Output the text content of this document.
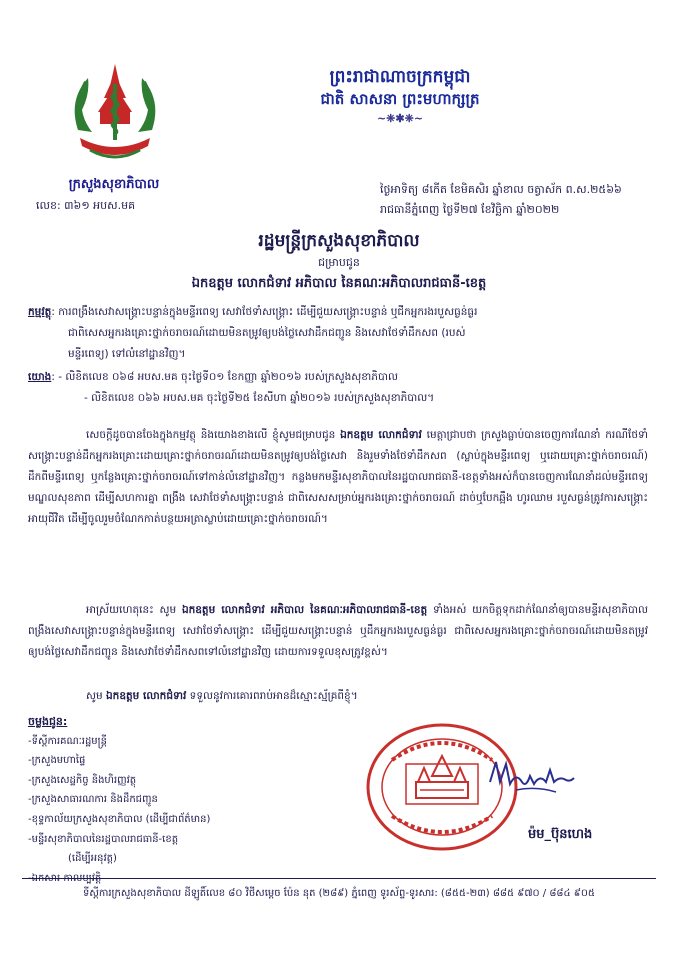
ក្រសួងសុខាភិបាល
លេខ: ៣៦១ អបស.មគ
ព្រះរាជាណាចក្រកម្ពុជា
ជាតិ សាសនា ព្រះមហាក្សត្រ
~❈✱❈~
ថ្ងៃអាទិត្យ ៨កើត ខែមិគសិរ ឆ្នាំខាល ចត្វាស័ក ព.ស.២៥៦៦
រាជធានីភ្នំពេញ ថ្ងៃទី២៧ ខែវិច្ឆិកា ឆ្នាំ២០២២
រដ្ឋមន្ត្រីក្រសួងសុខាភិបាល
ជម្រាបជូន
ឯកឧត្តម លោកជំទាវ អភិបាល នៃគណៈអភិបាលរាជធានី-ខេត្ត
កម្មវត្ថុ: ការពង្រឹងសេវាសង្គ្រោះបន្ទាន់ក្នុងមន្ទីរពេទ្យ សេវាថែទាំសង្គ្រោះ ដើម្បីជួយសង្គ្រោះបន្ទាន់ ឬជីកអ្នករងរបួសធ្ងន់ធ្ងរ
ជាពិសេសអ្នករងគ្រោះថ្នាក់ចរាចរណ៍ដោយមិនតម្រូវឲ្យបង់ថ្លៃសេវាដឹកជញ្ជូន និងសេវាថែទាំដឹកសព (របស់
មន្ទីរពេទ្យ) ទៅលំនៅដ្ឋានវិញ។
យោង: - លិខិតលេខ ០៦៨ អបស.មគ ចុះថ្ងៃទី០១ ខែកញ្ញា ឆ្នាំ២០១៦ របស់ក្រសួងសុខាភិបាល
- លិខិតលេខ ០៦៦ អបស.មគ ចុះថ្ងៃទី២៥ ខែសីហា ឆ្នាំ២០១៦ របស់ក្រសួងសុខាភិបាល។
សេចក្ដីដូចបានចែងក្នុងកម្មវត្ថុ និងយោងខាងលើ ខ្ញុំសូមជម្រាបជូន ឯកឧត្តម លោកជំទាវ មេត្តាជ្រាបថា ក្រសួងធ្លាប់បានចេញការណែនាំ ករណីថែទាំសង្គ្រោះបន្ទាន់ដឹកអ្នករងគ្រោះដោយគ្រោះថ្នាក់ចរាចរណ៍ដោយមិនតម្រូវឲ្យបង់ថ្លៃសេវា និងរួមទាំងថែទាំដឹកសព (ស្លាប់ក្នុងមន្ទីរពេទ្យ ឬដោយគ្រោះថ្នាក់ចរាចរណ៍) ដឹកពីមន្ទីរពេទ្យ ឬកន្លែងគ្រោះថ្នាក់ចរាចរណ៍ទៅកាន់លំនៅដ្ឋានវិញ។ កន្លងមកមន្ទីរសុខាភិបាលនៃរដ្ឋបាលរាជធានី-ខេត្តទាំងអស់ក៏បានចេញការណែនាំដល់មន្ទីរពេទ្យ មណ្ឌលសុខភាព ដើម្បីសហការគ្នា ពង្រឹង សេវាថែទាំសង្គ្រោះបន្ទាន់ ជាពិសេសសម្រាប់អ្នករងគ្រោះថ្នាក់ចរាចរណ៍ ដាច់ឬបែកឆ្អឹង ហូរឈាម របួសធ្ងន់ត្រូវការសង្គ្រោះអាយុជីវិត ដើម្បីចូលរួមចំណែកកាត់បន្ថយអត្រាស្លាប់ដោយគ្រោះថ្នាក់ចរាចរណ៍។
អាស្រ័យហេតុនេះ សូម ឯកឧត្តម លោកជំទាវ អភិបាល នៃគណៈអភិបាលរាជធានី-ខេត្ត ទាំងអស់ យកចិត្តទុកដាក់ណែនាំឲ្យបានមន្ទីរសុខាភិបាលពង្រឹងសេវាសង្គ្រោះបន្ទាន់ក្នុងមន្ទីរពេទ្យ សេវាថែទាំសង្គ្រោះ ដើម្បីជួយសង្គ្រោះបន្ទាន់ ឬដឹកអ្នករងរបួសធ្ងន់ធ្ងរ ជាពិសេសអ្នករងគ្រោះថ្នាក់ចរាចរណ៍ដោយមិនតម្រូវឲ្យបង់ថ្លៃសេវាដឹកជញ្ជូន និងសេវាថែទាំដឹកសពទៅលំនៅដ្ឋានវិញ ដោយការទទួលខុសត្រូវខ្ពស់។
សូម ឯកឧត្តម លោកជំទាវ ទទួលនូវការគោរពរាប់អានដ៏ស្មោះស្ម័គ្រពីខ្ញុំ។
ចម្លងជូន:
-ទីស្ដីការគណៈរដ្ឋមន្ត្រី
-ក្រសួងមហាផ្ទៃ
-ក្រសួងសេដ្ឋកិច្ច និងហិរញ្ញវត្ថុ
-ក្រសួងសាធារណការ និងដឹកជញ្ជូន
-ខុទ្ទកាល័យក្រសួងសុខាភិបាល (ដើម្បីជាព័ត៌មាន)
-មន្ទីរសុខាភិបាលនៃរដ្ឋបាលរាជធានី-ខេត្ត
(ដើម្បីអនុវត្ត)
-ឯកសារ កាលប្បវត្តិ
ម៉ម_ប៊ុនហេង
ទីស្ដីការក្រសួងសុខាភិបាល ដីឡូតិ៍លេខ ៨០ វិថីសម្ដេច ប៉ែន នុត (២៨៩) ភ្នំពេញ ទូរស័ព្ទ-ទូរសារ: (៨៥៥-២៣) ៨៨៥ ៩៧០ / ៨៨៤ ៩០៥
